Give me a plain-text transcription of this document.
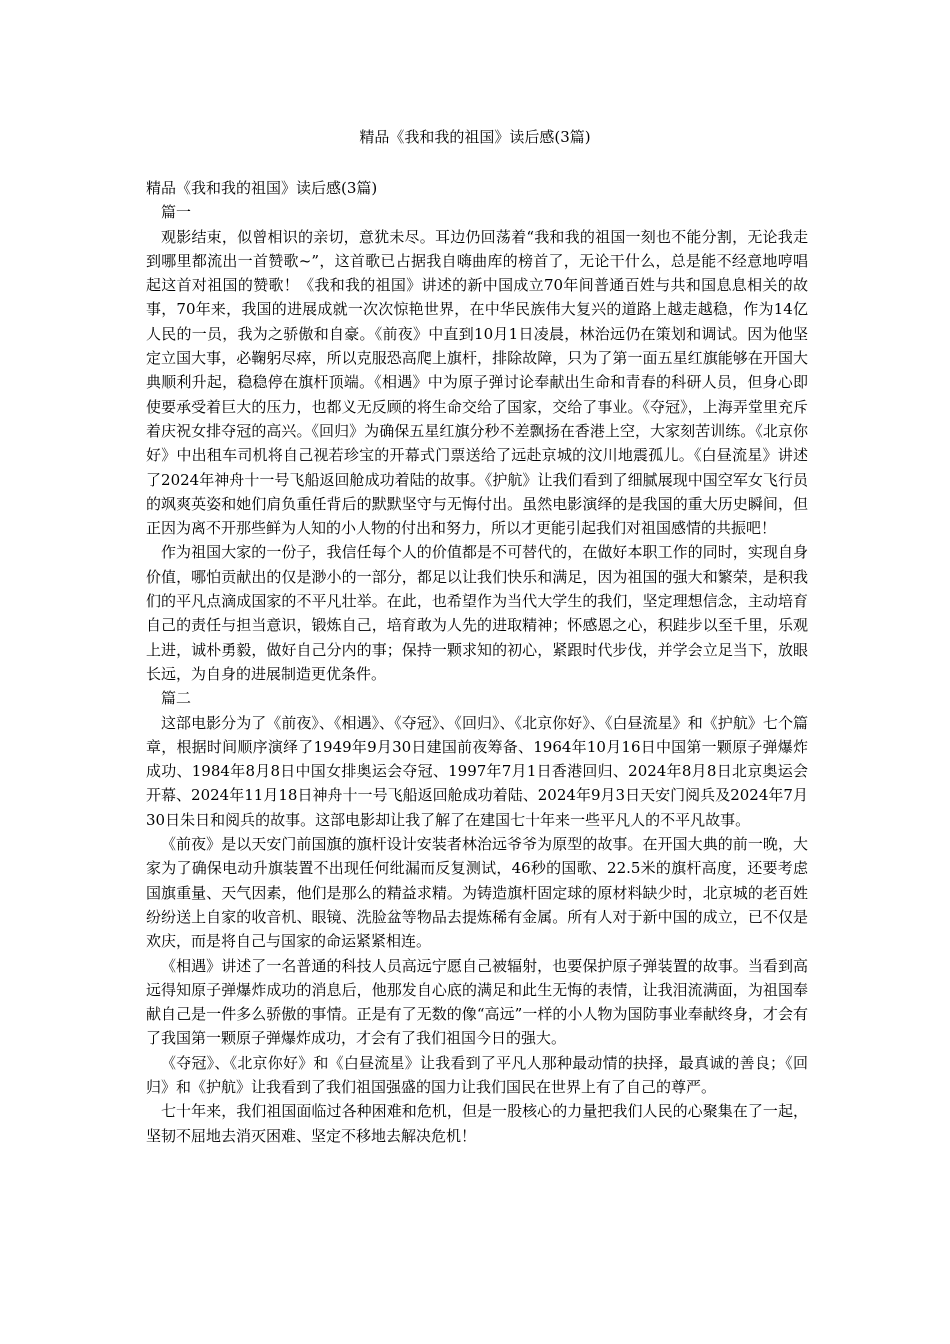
精品《我和我的祖国》读后感(3篇)

精品《我和我的祖国》读后感(3篇)

篇一

观影结束，似曾相识的亲切，意犹未尽。耳边仍回荡着“我和我的祖国一刻也不能分割，无论我走到哪里都流出一首赞歌~”，这首歌已占据我自嗨曲库的榜首了，无论干什么，总是能不经意地哼唱起这首对祖国的赞歌！《我和我的祖国》讲述的新中国成立70年间普通百姓与共和国息息相关的故事，70年来，我国的进展成就一次次惊艳世界，在中华民族伟大复兴的道路上越走越稳，作为14亿人民的一员，我为之骄傲和自豪。《前夜》中直到10月1日凌晨，林治远仍在策划和调试。因为他坚定立国大事，必鞠躬尽瘁，所以克服恐高爬上旗杆，排除故障，只为了第一面五星红旗能够在开国大典顺利升起，稳稳停在旗杆顶端。《相遇》中为原子弹讨论奉献出生命和青春的科研人员，但身心即使要承受着巨大的压力，也都义无反顾的将生命交给了国家，交给了事业。《夺冠》，上海弄堂里充斥着庆祝女排夺冠的高兴。《回归》为确保五星红旗分秒不差飘扬在香港上空，大家刻苦训练。《北京你好》中出租车司机将自己视若珍宝的开幕式门票送给了远赴京城的汶川地震孤儿。《白昼流星》讲述了2024年神舟十一号飞船返回舱成功着陆的故事。《护航》让我们看到了细腻展现中国空军女飞行员的飒爽英姿和她们肩负重任背后的默默坚守与无悔付出。虽然电影演绎的是我国的重大历史瞬间，但正因为离不开那些鲜为人知的小人物的付出和努力，所以才更能引起我们对祖国感情的共振吧！

作为祖国大家的一份子，我信任每个人的价值都是不可替代的，在做好本职工作的同时，实现自身价值，哪怕贡献出的仅是渺小的一部分，都足以让我们快乐和满足，因为祖国的强大和繁荣，是积我们的平凡点滴成国家的不平凡壮举。在此，也希望作为当代大学生的我们，坚定理想信念，主动培育自己的责任与担当意识，锻炼自己，培育敢为人先的进取精神；怀感恩之心，积跬步以至千里，乐观上进，诚朴勇毅，做好自己分内的事；保持一颗求知的初心，紧跟时代步伐，并学会立足当下，放眼长远，为自身的进展制造更优条件。

篇二

这部电影分为了《前夜》、《相遇》、《夺冠》、《回归》、《北京你好》、《白昼流星》和《护航》七个篇章，根据时间顺序演绎了1949年9月30日建国前夜筹备、1964年10月16日中国第一颗原子弹爆炸成功、1984年8月8日中国女排奥运会夺冠、1997年7月1日香港回归、2024年8月8日北京奥运会开幕、2024年11月18日神舟十一号飞船返回舱成功着陆、2024年9月3日天安门阅兵及2024年7月30日朱日和阅兵的故事。这部电影却让我了解了在建国七十年来一些平凡人的不平凡故事。

《前夜》是以天安门前国旗的旗杆设计安装者林治远爷爷为原型的故事。在开国大典的前一晚，大家为了确保电动升旗装置不出现任何纰漏而反复测试，46秒的国歌、22.5米的旗杆高度，还要考虑国旗重量、天气因素，他们是那么的精益求精。为铸造旗杆固定球的原材料缺少时，北京城的老百姓纷纷送上自家的收音机、眼镜、洗脸盆等物品去提炼稀有金属。所有人对于新中国的成立，已不仅是欢庆，而是将自己与国家的命运紧紧相连。

《相遇》讲述了一名普通的科技人员高远宁愿自己被辐射，也要保护原子弹装置的故事。当看到高远得知原子弹爆炸成功的消息后，他那发自心底的满足和此生无悔的表情，让我泪流满面，为祖国奉献自己是一件多么骄傲的事情。正是有了无数的像“高远”一样的小人物为国防事业奉献终身，才会有了我国第一颗原子弹爆炸成功，才会有了我们祖国今日的强大。

《夺冠》、《北京你好》和《白昼流星》让我看到了平凡人那种最动情的抉择，最真诚的善良；《回归》和《护航》让我看到了我们祖国强盛的国力让我们国民在世界上有了自己的尊严。

七十年来，我们祖国面临过各种困难和危机，但是一股核心的力量把我们人民的心聚集在了一起，坚韧不屈地去消灭困难、坚定不移地去解决危机！
